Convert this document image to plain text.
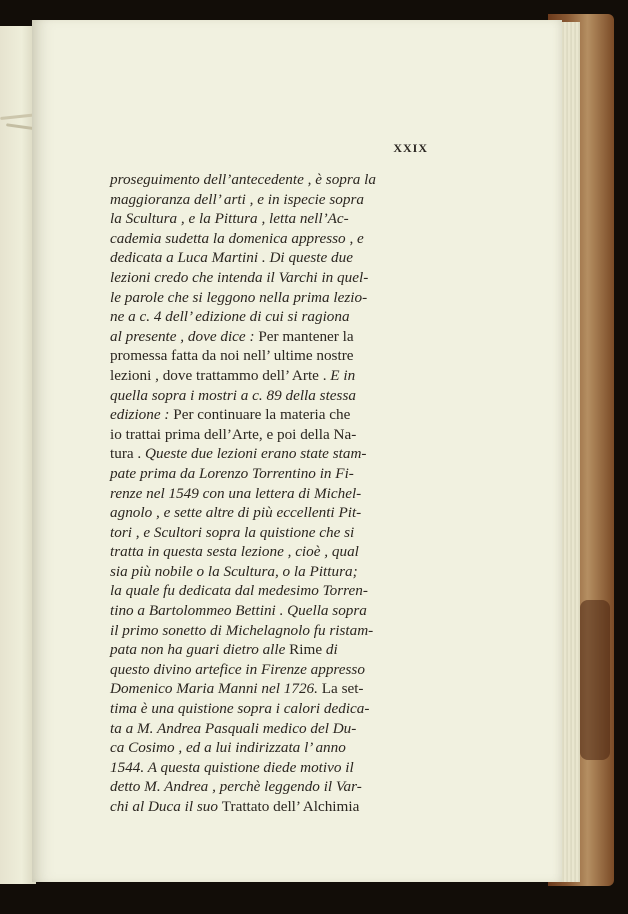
XXIX
proseguimento dell’antecedente , è sopra la
maggioranza dell’ arti , e in ispecie sopra
la Scultura , e la Pittura , letta nell’Ac-
cademia sudetta la domenica appresso , e
dedicata a Luca Martini . Di queste due
lezioni credo che intenda il Varchi in quel-
le parole che si leggono nella prima lezio-
ne a c. 4 dell’ edizione di cui si ragiona
al presente , dove dice : Per mantener la
promessa fatta da noi nell’ ultime nostre
lezioni , dove trattammo dell’ Arte . E in
quella sopra i mostri a c. 89 della stessa
edizione : Per continuare la materia che
io trattai prima dell’Arte, e poi della Na-
tura . Queste due lezioni erano state stam-
pate prima da Lorenzo Torrentino in Fi-
renze nel 1549 con una lettera di Michel-
agnolo , e sette altre di più eccellenti Pit-
tori , e Scultori sopra la quistione che si
tratta in questa sesta lezione , cioè , qual
sia più nobile o la Scultura, o la Pittura;
la quale fu dedicata dal medesimo Torren-
tino a Bartolommeo Bettini . Quella sopra
il primo sonetto di Michelagnolo fu ristam-
pata non ha guari dietro alle Rime di
questo divino artefice in Firenze appresso
Domenico Maria Manni nel 1726. La set-
tima è una quistione sopra i calori dedica-
ta a M. Andrea Pasquali medico del Du-
ca Cosimo , ed a lui indirizzata l’ anno
1544. A questa quistione diede motivo il
detto M. Andrea , perchè leggendo il Var-
chi al Duca il suo Trattato dell’ Alchimia
